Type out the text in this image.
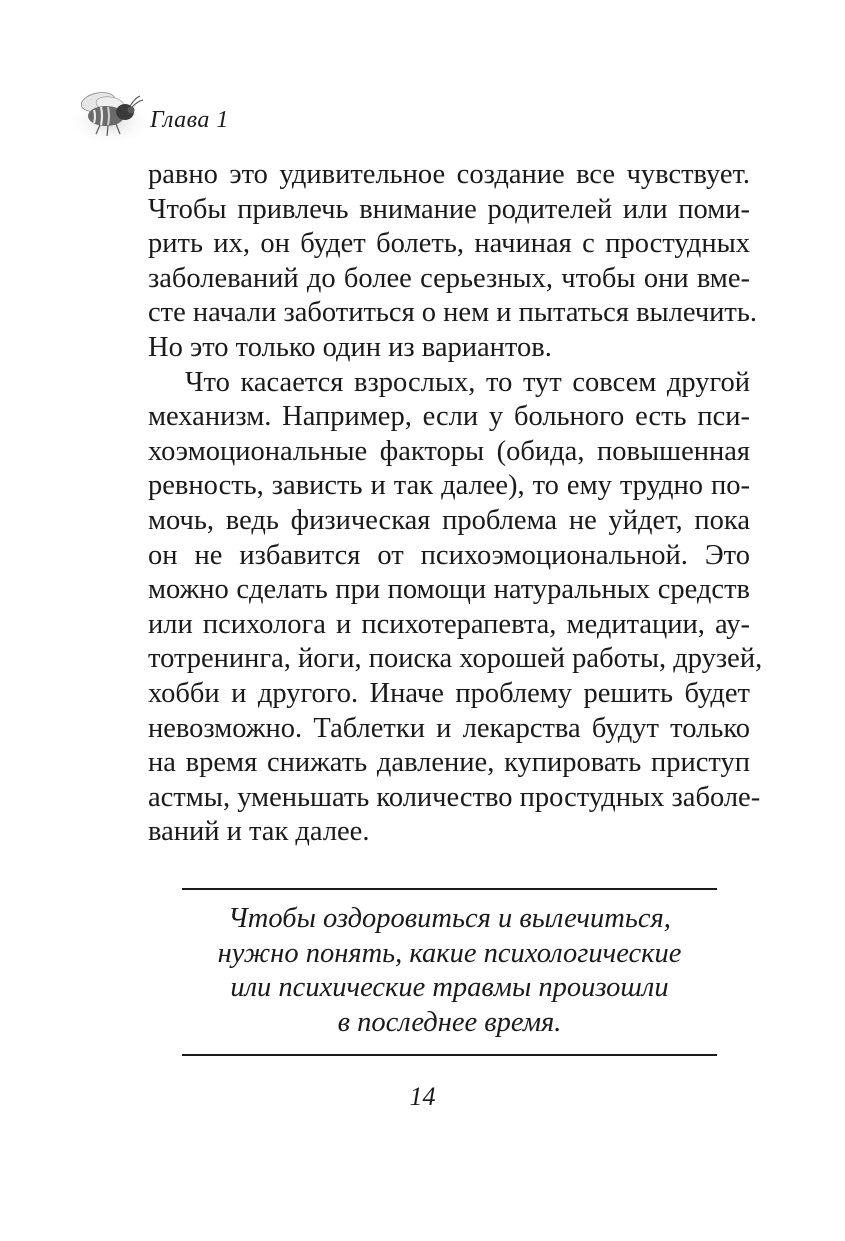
Глава 1
равно это удивительное создание все чувствует.
Чтобы привлечь внимание родителей или поми-
рить их, он будет болеть, начиная с простудных
заболеваний до более серьезных, чтобы они вме-
сте начали заботиться о нем и пытаться вылечить.
Но это только один из вариантов.
Что касается взрослых, то тут совсем другой
механизм. Например, если у больного есть пси-
хоэмоциональные факторы (обида, повышенная
ревность, зависть и так далее), то ему трудно по-
мочь, ведь физическая проблема не уйдет, пока
он не избавится от психоэмоциональной. Это
можно сделать при помощи натуральных средств
или психолога и психотерапевта, медитации, ау-
тотренинга, йоги, поиска хорошей работы, друзей,
хобби и другого. Иначе проблему решить будет
невозможно. Таблетки и лекарства будут только
на время снижать давление, купировать приступ
астмы, уменьшать количество простудных заболе-
ваний и так далее.
Чтобы оздоровиться и вылечиться,
нужно понять, какие психологические
или психические травмы произошли
в последнее время.
14
